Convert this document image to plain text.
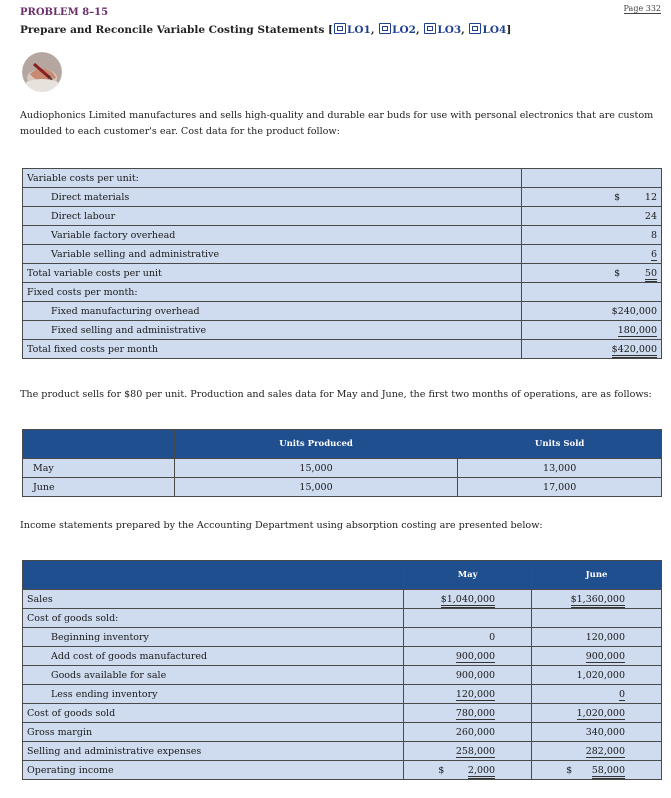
Page 332
PROBLEM 8–15
Prepare and Reconcile Variable Costing Statements [ LO1, LO2, LO3, LO4]
Audiophonics Limited manufactures and sells high-quality and durable ear buds for use with personal electronics that are custom
moulded to each customer's ear. Cost data for the product follow:
Variable costs per unit:	
Direct materials	$ 12
Direct labour	24
Variable factory overhead	8
Variable selling and administrative	6
Total variable costs per unit	$ 50
Fixed costs per month:	
Fixed manufacturing overhead	$240,000
Fixed selling and administrative	180,000
Total fixed costs per month	$420,000
The product sells for $80 per unit. Production and sales data for May and June, the first two months of operations, are as follows:
	Units Produced	Units Sold
May	15,000	13,000
June	15,000	17,000
Income statements prepared by the Accounting Department using absorption costing are presented below:
	May	June
Sales	$1,040,000	$1,360,000
Cost of goods sold:		
Beginning inventory	0	120,000
Add cost of goods manufactured	900,000	900,000
Goods available for sale	900,000	1,020,000
Less ending inventory	120,000	0
Cost of goods sold	780,000	1,020,000
Gross margin	260,000	340,000
Selling and administrative expenses	258,000	282,000
Operating income	$ 2,000	$ 58,000
